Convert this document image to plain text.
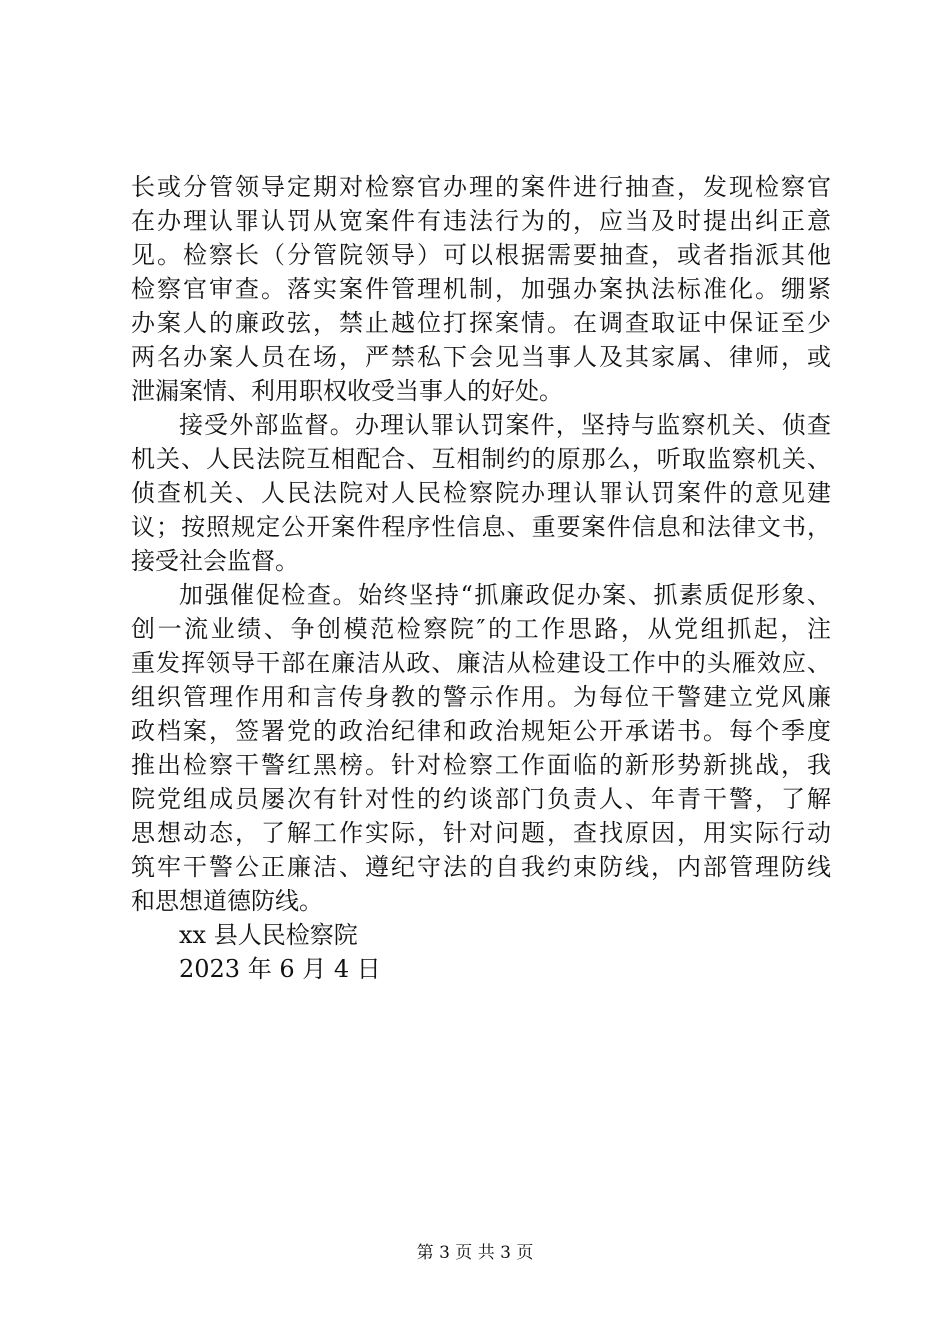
长或分管领导定期对检察官办理的案件进行抽查，发现检察官
在办理认罪认罚从宽案件有违法行为的，应当及时提出纠正意
见。检察长（分管院领导）可以根据需要抽查，或者指派其他
检察官审查。落实案件管理机制，加强办案执法标准化。绷紧
办案人的廉政弦，禁止越位打探案情。在调查取证中保证至少
两名办案人员在场，严禁私下会见当事人及其家属、律师，或
泄漏案情、利用职权收受当事人的好处。
接受外部监督。办理认罪认罚案件，坚持与监察机关、侦查
机关、人民法院互相配合、互相制约的原那么，听取监察机关、
侦查机关、人民法院对人民检察院办理认罪认罚案件的意见建
议；按照规定公开案件程序性信息、重要案件信息和法律文书，
接受社会监督。
加强催促检查。始终坚持“抓廉政促办案、抓素质促形象、
创一流业绩、争创模范检察院″的工作思路，从党组抓起，注
重发挥领导干部在廉洁从政、廉洁从检建设工作中的头雁效应、
组织管理作用和言传身教的警示作用。为每位干警建立党风廉
政档案，签署党的政治纪律和政治规矩公开承诺书。每个季度
推出检察干警红黑榜。针对检察工作面临的新形势新挑战，我
院党组成员屡次有针对性的约谈部门负责人、年青干警，了解
思想动态，了解工作实际，针对问题，查找原因，用实际行动
筑牢干警公正廉洁、遵纪守法的自我约束防线，内部管理防线
和思想道德防线。
xx 县人民检察院
2023 年 6 月 4 日
第 3 页 共 3 页
